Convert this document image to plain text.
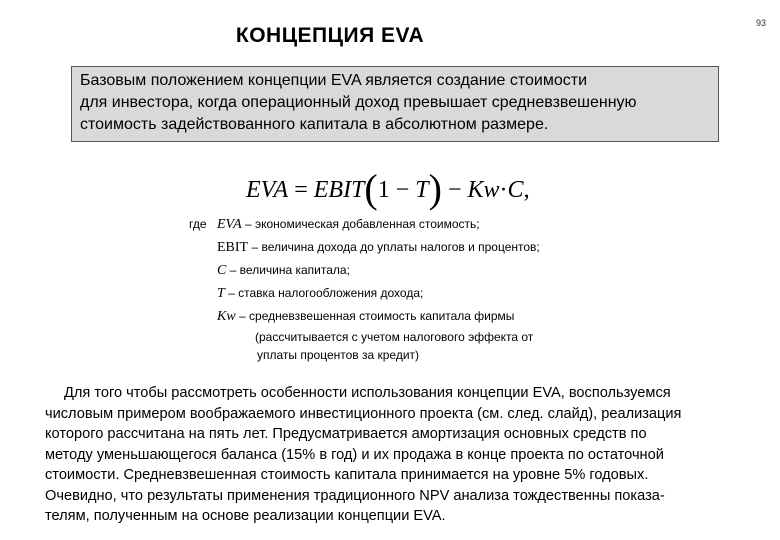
93
КОНЦЕПЦИЯ EVA
Базовым положением концепции EVA является создание стоимости
для инвестора, когда операционный доход превышает средневзвешенную
стоимость задействованного капитала в абсолютном размере.
EVA = EBIT(1 − T) − Kw·C,
где EVA – экономическая добавленная стоимость;
EBIT – величина дохода до уплаты налогов и процентов;
C – величина капитала;
T – ставка налогообложения дохода;
Kw – средневзвешенная стоимость капитала фирмы
(рассчитывается с учетом налогового эффекта от
уплаты процентов за кредит)
Для того чтобы рассмотреть особенности использования концепции EVA, воспользуемся
числовым примером воображаемого инвестиционного проекта (см. след. слайд), реализация
которого рассчитана на пять лет. Предусматривается амортизация основных средств по
методу уменьшающегося баланса (15% в год) и их продажа в конце проекта по остаточной
стоимости. Средневзвешенная стоимость капитала принимается на уровне 5% годовых.
Очевидно, что результаты применения традиционного NPV анализа тождественны показа-
телям, полученным на основе реализации концепции EVA.
